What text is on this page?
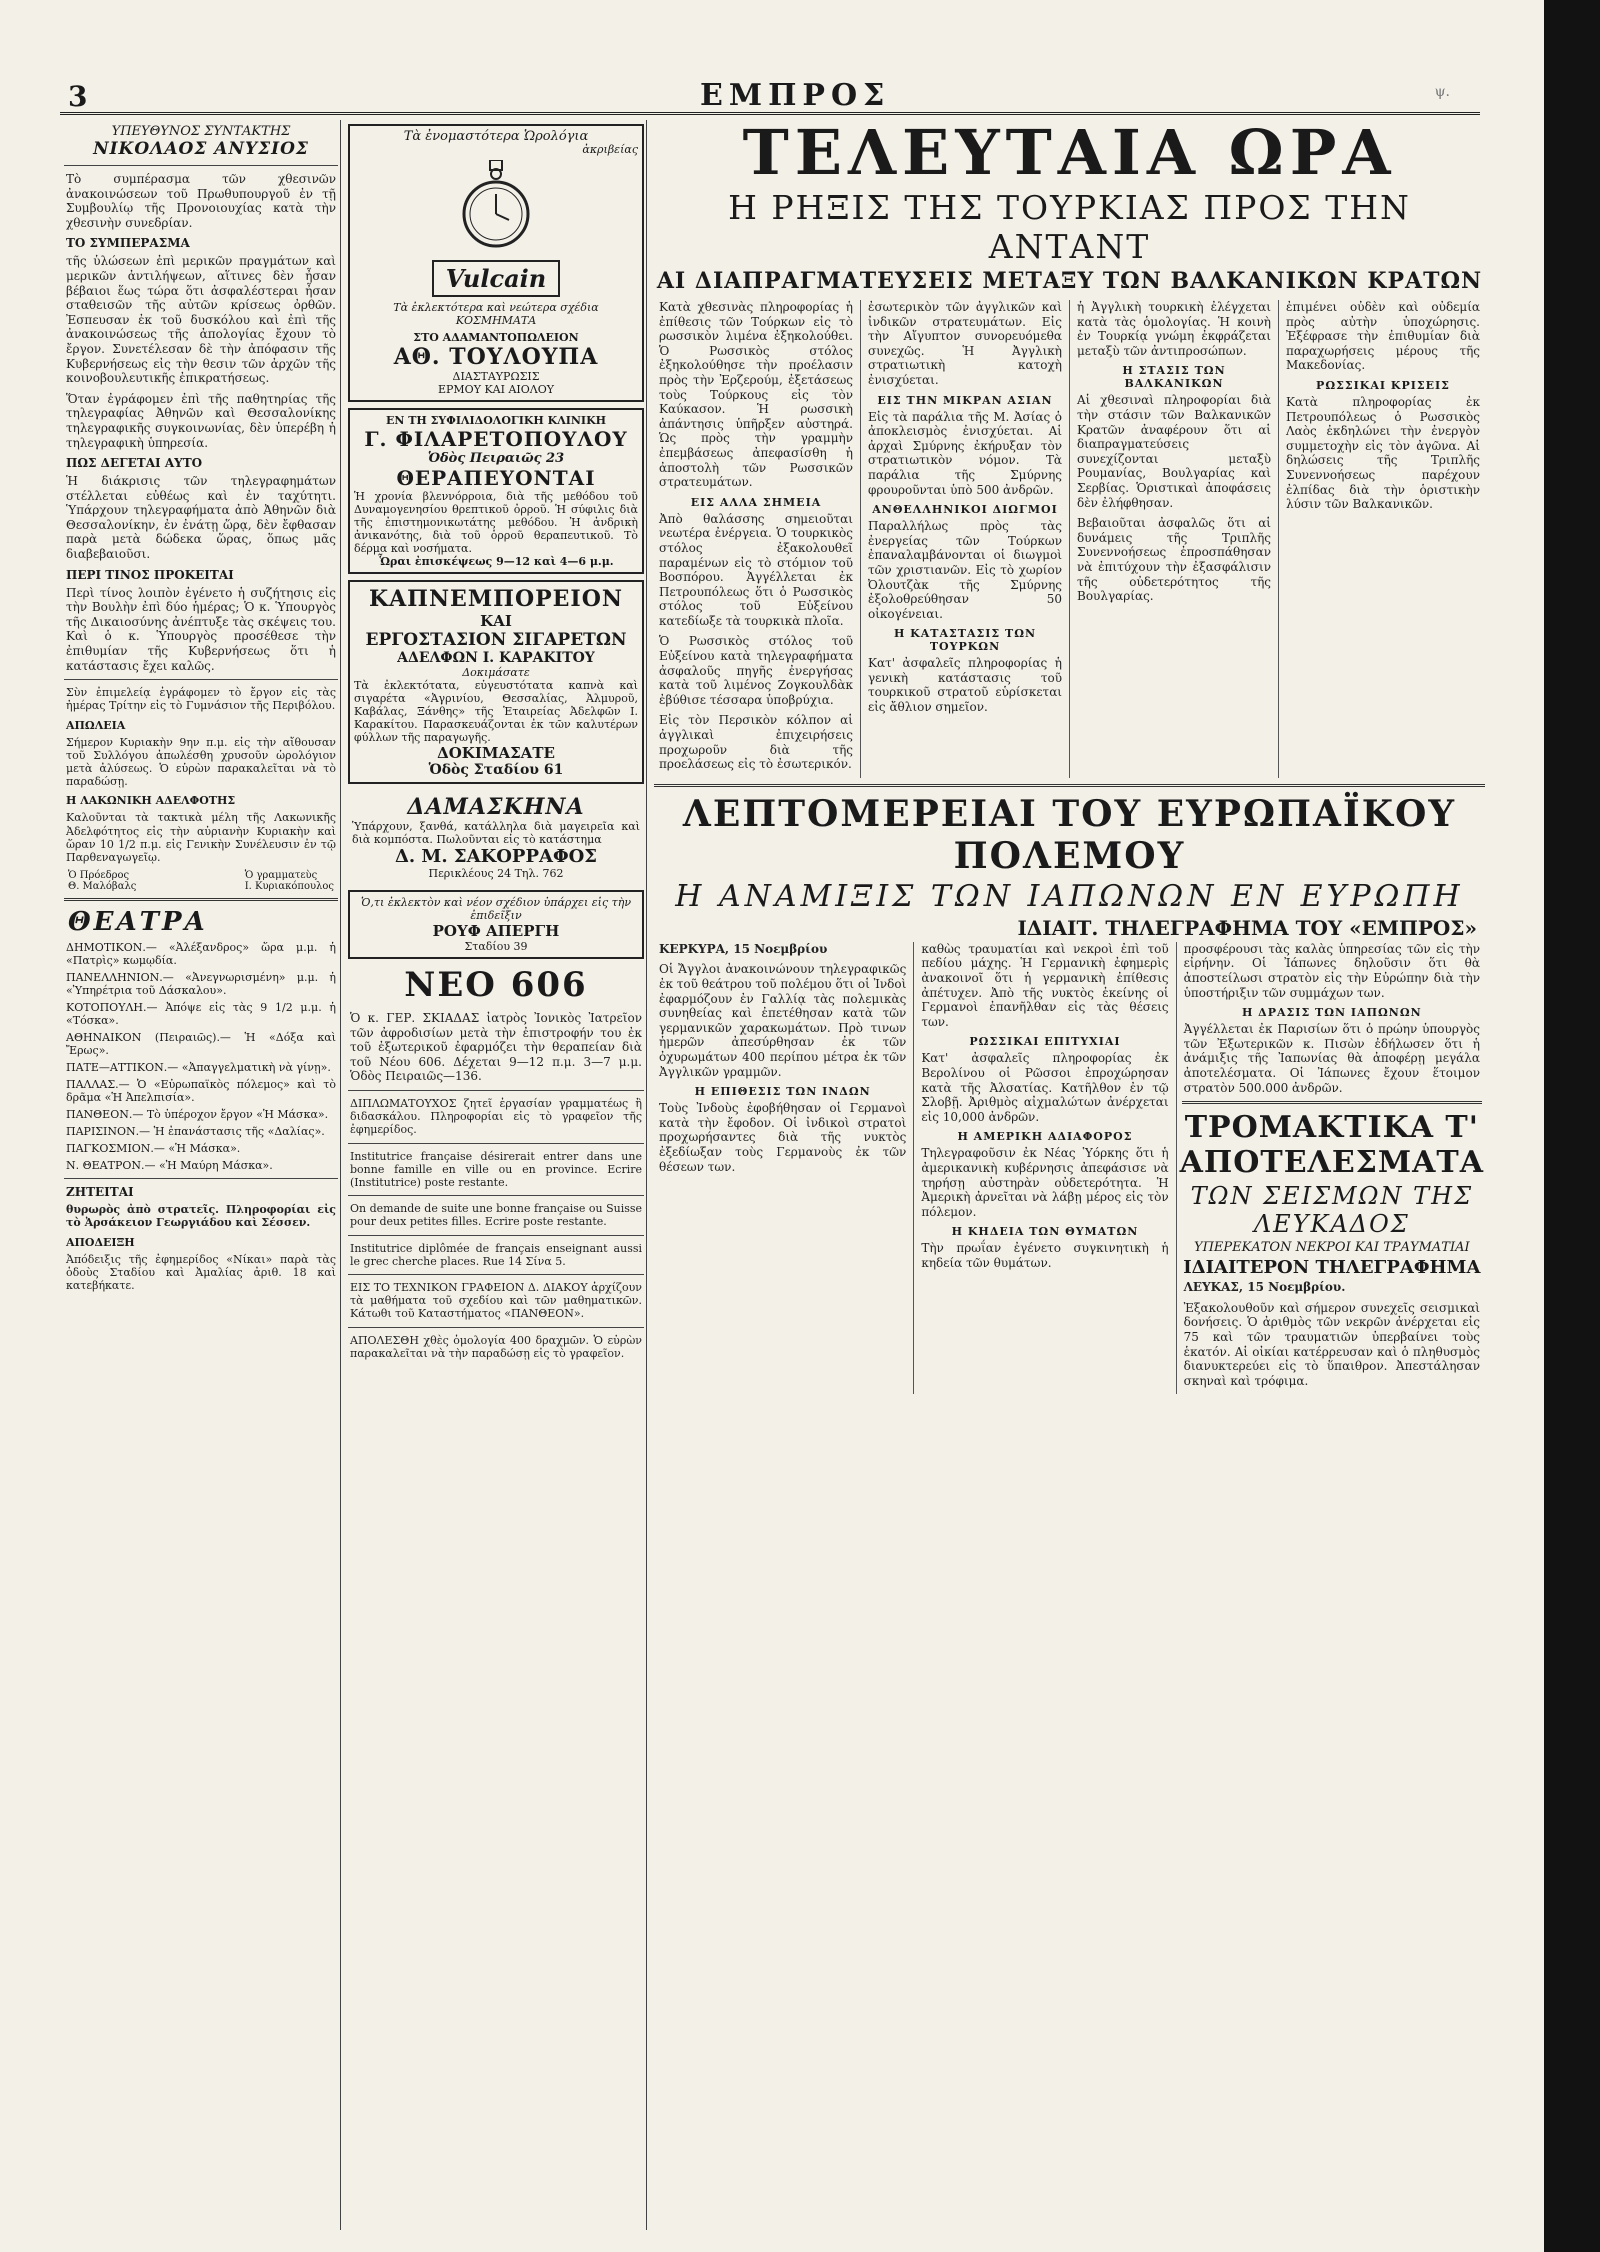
3	ΕΜΠΡΟΣ	ψ.
ΥΠΕΥΘΥΝΟΣ ΣΥΝΤΑΚΤΗΣ
ΝΙΚΟΛΑΟΣ ΑΝΥΣΙΟΣ

Τὸ συμπέρασμα τῶν χθεσινῶν ἀνακοινώσεων τοῦ Πρωθυπουργοῦ ἐν τῇ Συμβουλίῳ τῆς Προνοιουχίας κατὰ τὴν χθεσινὴν συνεδρίαν.

ΤΟ ΣΥΜΠΕΡΑΣΜΑ

τῆς ὑλώσεων ἐπὶ μερικῶν πραγμάτων καὶ μερικῶν ἀντιλήψεων, αἵτινες δὲν ἦσαν βέβαιοι ἕως τώρα ὅτι ἀσφαλέστεραι ἦσαν σταθεισῶν τῆς αὐτῶν κρίσεως ὀρθῶν. Ἐσπευσαν ἐκ τοῦ δυσκόλου καὶ ἐπὶ τῆς ἀνακοινώσεως τῆς ἀπολογίας ἔχουν τὸ ἔργον. Συνετέλεσαν δὲ τὴν ἀπόφασιν τῆς Κυβερνήσεως εἰς τὴν θεσιν τῶν ἀρχῶν τῆς κοινοβουλευτικῆς ἐπικρατήσεως.

Ὅταν ἐγράφομεν ἐπὶ τῆς παθητηρίας τῆς τηλεγραφίας Ἀθηνῶν καὶ Θεσσαλονίκης τηλεγραφικῆς συγκοινωνίας, δὲν ὑπερέβη ἡ τηλεγραφικὴ ὑπηρεσία.

ΠΩΣ ΔΕΓΕΤΑΙ ΑΥΤΟ

Ἡ διάκρισις τῶν τηλεγραφημάτων στέλλεται εὐθέως καὶ ἐν ταχύτητι. Ὑπάρχουν τηλεγραφήματα ἀπὸ Ἀθηνῶν διὰ Θεσσαλονίκην, ἐν ἐνάτῃ ὥρᾳ, δὲν ἔφθασαν παρὰ μετὰ δώδεκα ὥρας, ὅπως μᾶς διαβεβαιοῦσι.

ΠΕΡΙ ΤΙΝΟΣ ΠΡΟΚΕΙΤΑΙ

Περὶ τίνος λοιπὸν ἐγένετο ἡ συζήτησις εἰς τὴν Βουλὴν ἐπὶ δύο ἡμέρας; Ὁ κ. Ὑπουργὸς τῆς Δικαιοσύνης ἀνέπτυξε τὰς σκέψεις του. Καὶ ὁ κ. Ὑπουργὸς προσέθεσε τὴν ἐπιθυμίαν τῆς Κυβερνήσεως ὅτι ἡ κατάστασις ἔχει καλῶς.

Σὺν ἐπιμελείᾳ ἐγράφομεν τὸ ἔργον εἰς τὰς ἡμέρας Τρίτην εἰς τὸ Γυμνάσιον τῆς Περιβόλου.

ΑΠΩΛΕΙΑ

Σήμερον Κυριακὴν 9ην π.μ. εἰς τὴν αἴθουσαν τοῦ Συλλόγου ἀπωλέσθη χρυσοῦν ὡρολόγιον μετὰ ἀλύσεως. Ὁ εὑρὼν παρακαλεῖται νὰ τὸ παραδώσῃ.

Η ΛΑΚΩΝΙΚΗ ΑΔΕΛΦΟΤΗΣ

Καλοῦνται τὰ τακτικὰ μέλη τῆς Λακωνικῆς Ἀδελφότητος εἰς τὴν αὐριανὴν Κυριακὴν καὶ ὥραν 10 1/2 π.μ. εἰς Γενικὴν Συνέλευσιν ἐν τῷ Παρθεναγωγεῖῳ.

Ὁ Πρόεδρος
Θ. Μαλόβαλς
Ὁ γραμματεὺς
Ι. Κυριακόπουλος
ΘΕΑΤΡΑ

ΔΗΜΟΤΙΚΟΝ.— «Ἀλέξανδρος» ὥρα μ.μ. ἡ «Πατρὶς» κωμῳδία.

ΠΑΝΕΛΛΗΝΙΟΝ.— «Ἀνεγνωρισμένη» μ.μ. ἡ «Ὑπηρέτρια τοῦ Δάσκαλου».

ΚΟΤΟΠΟΥΛΗ.— Ἀπόψε εἰς τὰς 9 1/2 μ.μ. ἡ «Τόσκα».

ΑΘΗΝΑΙΚΟΝ (Πειραιῶς).— Ἡ «Δόξα καὶ Ἔρως».

ΠΑΤΕ—ΑΤΤΙΚΟΝ.— «Ἀπαγγελματικὴ νὰ γίνῃ».

ΠΑΛΛΑΣ.— Ὁ «Εὐρωπαϊκὸς πόλεμος» καὶ τὸ δρᾶμα «Ἡ Ἀπελπισία».

ΠΑΝΘΕΟΝ.— Τὸ ὑπέροχον ἔργον «Ἡ Μάσκα».

ΠΑΡΙΣΙΝΟΝ.— Ἡ ἐπανάστασις τῆς «Δαλίας».

ΠΑΓΚΟΣΜΙΟΝ.— «Ἡ Μάσκα».

Ν. ΘΕΑΤΡΟΝ.— «Ἡ Μαύρη Μάσκα».

ΖΗΤΕΙΤΑΙ

θυρωρὸς ἀπὸ στρατεῖς. Πληροφορίαι εἰς τὸ Ἀρσάκειον Γεωργιάδου καὶ Σέσσεν.

ΑΠΟΔΕΙΞΗ

Ἀπόδειξις τῆς ἐφημερίδος «Νίκαι» παρὰ τὰς ὁδοὺς Σταδίου καὶ Ἀμαλίας ἀριθ. 18 καὶ κατεβήκατε.

Τὰ ἐνομαστότερα Ὡρολόγια
ἀκριβείας
Vulcain
Τὰ ἐκλεκτότερα καὶ νεώτερα σχέδια ΚΟΣΜΗΜΑΤΑ
ΣΤΟ ΑΔΑΜΑΝΤΟΠΩΛΕΙΟΝ
ΑΘ. ΤΟΥΛΟΥΠΑ
ΔΙΑΣΤΑΥΡΩΣΙΣ
ΕΡΜΟΥ ΚΑΙ ΑΙΟΛΟΥ
ΕΝ ΤΗ ΣΥΦΙΛΙΔΟΛΟΓΙΚΗ ΚΛΙΝΙΚΗ
Γ. ΦΙΛΑΡΕΤΟΠΟΥΛΟΥ
Ὁδὸς Πειραιῶς 23
ΘΕΡΑΠΕΥΟΝΤΑΙ
Ἡ χρονία βλεννόρροια, διὰ τῆς μεθόδου τοῦ Δυναμογενησίου θρεπτικοῦ ὀρροῦ. Ἡ σύφιλις διὰ τῆς ἐπιστημονικωτάτης μεθόδου. Ἡ ἀνδρικὴ ἀνικανότης, διὰ τοῦ ὁρροῦ θεραπευτικοῦ. Τὸ δέρμα καὶ νοσήματα.
Ὧραι ἐπισκέψεως 9—12 καὶ 4—6 μ.μ.
ΚΑΠΝΕΜΠΟΡΕΙΟΝ
ΚΑΙ
ΕΡΓΟΣΤΑΣΙΟΝ ΣΙΓΑΡΕΤΩΝ
ΑΔΕΛΦΩΝ Ι. ΚΑΡΑΚΙΤΟΥ
Δοκιμάσατε
Τὰ ἐκλεκτότατα, εὐγευστότατα καπνὰ καὶ σιγαρέτα «Ἀγρινίου, Θεσσαλίας, Ἀλμυροῦ, Καβάλας, Ξάνθης» τῆς Ἑταιρείας Ἀδελφῶν Ι. Καρακίτου. Παρασκευάζονται ἐκ τῶν καλυτέρων φύλλων τῆς παραγωγῆς.
ΔΟΚΙΜΑΣΑΤΕ
Ὁδὸς Σταδίου 61
ΔΑΜΑΣΚΗΝΑ
Ὑπάρχουν, ξανθά, κατάλληλα διὰ μαγειρεῖα καὶ διὰ κομπόστα. Πωλοῦνται εἰς τὸ κατάστημα
Δ. Μ. ΣΑΚΟΡΡΑΦΟΣ
Περικλέους 24 Τηλ. 762
Ὁ,τι ἐκλεκτὸν καὶ νέον σχέδιον ὑπάρχει εἰς τὴν ἐπιδεῖξιν
ΡΟΥΦ ΑΠΕΡΓΗ
Σταδίου 39
ΝΕΟ 606

Ὁ κ. ΓΕΡ. ΣΚΙΑΔΑΣ ἰατρὸς Ἰονικὸς Ἰατρεῖον τῶν ἀφροδισίων μετὰ τὴν ἐπιστροφήν του ἐκ τοῦ ἐξωτερικοῦ ἐφαρμόζει τὴν θεραπείαν διὰ τοῦ Νέου 606. Δέχεται 9—12 π.μ. 3—7 μ.μ. Ὁδὸς Πειραιῶς—136.

ΔΙΠΛΩΜΑΤΟΥΧΟΣ ζητεῖ ἐργασίαν γραμματέως ἢ διδασκάλου. Πληροφορίαι εἰς τὸ γραφεῖον τῆς ἐφημερίδος.

Institutrice française désirerait entrer dans une bonne famille en ville ou en province. Ecrire (Institutrice) poste restante.

On demande de suite une bonne française ou Suisse pour deux petites filles. Ecrire poste restante.

Institutrice diplômée de français enseignant aussi le grec cherche places. Rue 14 Σίνα 5.

ΕΙΣ ΤΟ ΤΕΧΝΙΚΟΝ ΓΡΑΦΕΙΟΝ Δ. ΔΙΑΚΟΥ ἀρχίζουν τὰ μαθήματα τοῦ σχεδίου καὶ τῶν μαθηματικῶν. Κάτωθι τοῦ Καταστήματος «ΠΑΝΘΕΟΝ».

ΑΠΟΛΕΣΘΗ χθὲς ὁμολογία 400 δραχμῶν. Ὁ εὑρὼν παρακαλεῖται νὰ τὴν παραδώσῃ εἰς τὸ γραφεῖον.

ΤΕΛΕΥΤΑΙΑ ΩΡΑ
Η ΡΗΞΙΣ ΤΗΣ ΤΟΥΡΚΙΑΣ ΠΡΟΣ ΤΗΝ ΑΝΤΑΝΤ
ΑΙ ΔΙΑΠΡΑΓΜΑΤΕΥΣΕΙΣ ΜΕΤΑΞΥ ΤΩΝ ΒΑΛΚΑΝΙΚΩΝ ΚΡΑΤΩΝ

Κατὰ χθεσινὰς πληροφορίας ἡ ἐπίθεσις τῶν Τούρκων εἰς τὸ ρωσσικὸν λιμένα ἐξηκολούθει. Ὁ Ρωσσικὸς στόλος ἐξηκολούθησε τὴν προέλασιν πρὸς τὴν Ἐρζερούμ, ἐξετάσεως τοὺς Τούρκους εἰς τὸν Καύκασον. Ἡ ρωσσικὴ ἀπάντησις ὑπῆρξεν αὐστηρά. Ὡς πρὸς τὴν γραμμὴν ἐπεμβάσεως ἀπεφασίσθη ἡ ἀποστολὴ τῶν Ρωσσικῶν στρατευμάτων.

ΕΙΣ ΑΛΛΑ ΣΗΜΕΙΑ

Ἀπὸ θαλάσσης σημειοῦται νεωτέρα ἐνέργεια. Ὁ τουρκικὸς στόλος ἐξακολουθεῖ παραμένων εἰς τὸ στόμιον τοῦ Βοσπόρου. Ἀγγέλλεται ἐκ Πετρουπόλεως ὅτι ὁ Ρωσσικὸς στόλος τοῦ Εὐξείνου κατεδίωξε τὰ τουρκικὰ πλοῖα.

Ὁ Ρωσσικὸς στόλος τοῦ Εὐξείνου κατὰ τηλεγραφήματα ἀσφαλοῦς πηγῆς ἐνεργήσας κατὰ τοῦ λιμένος Ζογκουλδὰκ ἐβύθισε τέσσαρα ὑποβρύχια.

Εἰς τὸν Περσικὸν κόλπον αἱ ἀγγλικαὶ ἐπιχειρήσεις προχωροῦν διὰ τῆς προελάσεως εἰς τὸ ἐσωτερικόν.

ἐσωτερικὸν τῶν ἀγγλικῶν καὶ ἰνδικῶν στρατευμάτων. Εἰς τὴν Αἴγυπτον συνορευόμεθα συνεχῶς. Ἡ Ἀγγλικὴ στρατιωτικὴ κατοχὴ ἐνισχύεται.

ΕΙΣ ΤΗΝ ΜΙΚΡΑΝ ΑΣΙΑΝ

Εἰς τὰ παράλια τῆς Μ. Ἀσίας ὁ ἀποκλεισμὸς ἐνισχύεται. Αἱ ἀρχαὶ Σμύρνης ἐκήρυξαν τὸν στρατιωτικὸν νόμον. Τὰ παράλια τῆς Σμύρνης φρουροῦνται ὑπὸ 500 ἀνδρῶν.

ΑΝΘΕΛΛΗΝΙΚΟΙ ΔΙΩΓΜΟΙ

Παραλλήλως πρὸς τὰς ἐνεργείας τῶν Τούρκων ἐπαναλαμβάνονται οἱ διωγμοὶ τῶν χριστιανῶν. Εἰς τὸ χωρίον Ὀλουτζὰκ τῆς Σμύρνης ἐξολοθρεύθησαν 50 οἰκογένειαι.

Η ΚΑΤΑΣΤΑΣΙΣ ΤΩΝ ΤΟΥΡΚΩΝ

Κατ' ἀσφαλεῖς πληροφορίας ἡ γενικὴ κατάστασις τοῦ τουρκικοῦ στρατοῦ εὑρίσκεται εἰς ἄθλιον σημεῖον.

ἡ Ἀγγλικὴ τουρκικὴ ἐλέγχεται κατὰ τὰς ὁμολογίας. Ἡ κοινὴ ἐν Τουρκίᾳ γνώμη ἐκφράζεται μεταξὺ τῶν ἀντιπροσώπων.

Η ΣΤΑΣΙΣ ΤΩΝ ΒΑΛΚΑΝΙΚΩΝ

Αἱ χθεσιναὶ πληροφορίαι διὰ τὴν στάσιν τῶν Βαλκανικῶν Κρατῶν ἀναφέρουν ὅτι αἱ διαπραγματεύσεις συνεχίζονται μεταξὺ Ρουμανίας, Βουλγαρίας καὶ Σερβίας. Ὁριστικαὶ ἀποφάσεις δὲν ἐλήφθησαν.

Βεβαιοῦται ἀσφαλῶς ὅτι αἱ δυνάμεις τῆς Τριπλῆς Συνεννοήσεως ἐπροσπάθησαν νὰ ἐπιτύχουν τὴν ἐξασφάλισιν τῆς οὐδετερότητος τῆς Βουλγαρίας.

ἐπιμένει οὐδὲν καὶ οὐδεμία πρὸς αὐτὴν ὑποχώρησις. Ἐξέφρασε τὴν ἐπιθυμίαν διὰ παραχωρήσεις μέρους τῆς Μακεδονίας.

ΡΩΣΣΙΚΑΙ ΚΡΙΣΕΙΣ

Κατὰ πληροφορίας ἐκ Πετρουπόλεως ὁ Ρωσσικὸς Λαὸς ἐκδηλώνει τὴν ἐνεργὸν συμμετοχὴν εἰς τὸν ἀγῶνα. Αἱ δηλώσεις τῆς Τριπλῆς Συνεννοήσεως παρέχουν ἐλπίδας διὰ τὴν ὁριστικὴν λύσιν τῶν Βαλκανικῶν.

ΛΕΠΤΟΜΕΡΕΙΑΙ ΤΟΥ ΕΥΡΩΠΑΪΚΟΥ ΠΟΛΕΜΟΥ
Η ΑΝΑΜΙΞΙΣ ΤΩΝ ΙΑΠΩΝΩΝ ΕΝ ΕΥΡΩΠΗ
ΙΔΙΑΙΤ. ΤΗΛΕΓΡΑΦΗΜΑ ΤΟΥ «ΕΜΠΡΟΣ»

ΚΕΡΚΥΡΑ, 15 Νοεμβρίου

Οἱ Ἄγγλοι ἀνακοινώνουν τηλεγραφικῶς ἐκ τοῦ θεάτρου τοῦ πολέμου ὅτι οἱ Ἰνδοὶ ἐφαρμόζουν ἐν Γαλλίᾳ τὰς πολεμικὰς συνηθείας καὶ ἐπετέθησαν κατὰ τῶν γερμανικῶν χαρακωμάτων. Πρὸ τινων ἡμερῶν ἀπεσύρθησαν ἐκ τῶν ὀχυρωμάτων 400 περίπου μέτρα ἐκ τῶν Ἀγγλικῶν γραμμῶν.

Η ΕΠΙΘΕΣΙΣ ΤΩΝ ΙΝΔΩΝ

Τοὺς Ἰνδοὺς ἐφοβήθησαν οἱ Γερμανοὶ κατὰ τὴν ἔφοδον. Οἱ ἰνδικοὶ στρατοὶ προχωρήσαντες διὰ τῆς νυκτὸς ἐξεδίωξαν τοὺς Γερμανοὺς ἐκ τῶν θέσεων των.

καθὼς τραυματίαι καὶ νεκροὶ ἐπὶ τοῦ πεδίου μάχης. Ἡ Γερμανικὴ ἐφημερὶς ἀνακοινοῖ ὅτι ἡ γερμανικὴ ἐπίθεσις ἀπέτυχεν. Ἀπὸ τῆς νυκτὸς ἐκείνης οἱ Γερμανοὶ ἐπανῆλθαν εἰς τὰς θέσεις των.

ΡΩΣΣΙΚΑΙ ΕΠΙΤΥΧΙΑΙ

Κατ' ἀσφαλεῖς πληροφορίας ἐκ Βερολίνου οἱ Ρῶσσοι ἐπροχώρησαν κατὰ τῆς Ἀλσατίας. Κατῆλθον ἐν τῷ Σλοβῇ. Ἀριθμὸς αἰχμαλώτων ἀνέρχεται εἰς 10,000 ἀνδρῶν.

Η ΑΜΕΡΙΚΗ ΑΔΙΑΦΟΡΟΣ

Τηλεγραφοῦσιν ἐκ Νέας Ὑόρκης ὅτι ἡ ἀμερικανικὴ κυβέρνησις ἀπεφάσισε νὰ τηρήσῃ αὐστηρὰν οὐδετερότητα. Ἡ Ἀμερικὴ ἀρνεῖται νὰ λάβῃ μέρος εἰς τὸν πόλεμον.

Η ΚΗΔΕΙΑ ΤΩΝ ΘΥΜΑΤΩΝ

Τὴν πρωΐαν ἐγένετο συγκινητικὴ ἡ κηδεία τῶν θυμάτων.

προσφέρουσι τὰς καλὰς ὑπηρεσίας τῶν εἰς τὴν εἰρήνην. Οἱ Ἰάπωνες δηλοῦσιν ὅτι θὰ ἀποστείλωσι στρατὸν εἰς τὴν Εὐρώπην διὰ τὴν ὑποστήριξιν τῶν συμμάχων των.

Η ΔΡΑΣΙΣ ΤΩΝ ΙΑΠΩΝΩΝ

Ἀγγέλλεται ἐκ Παρισίων ὅτι ὁ πρώην ὑπουργὸς τῶν Ἐξωτερικῶν κ. Πισὼν ἐδήλωσεν ὅτι ἡ ἀνάμιξις τῆς Ἰαπωνίας θὰ ἀποφέρῃ μεγάλα ἀποτελέσματα. Οἱ Ἰάπωνες ἔχουν ἕτοιμον στρατὸν 500.000 ἀνδρῶν.

ΤΡΟΜΑΚΤΙΚΑ Τ' ΑΠΟΤΕΛΕΣΜΑΤΑ
ΤΩΝ ΣΕΙΣΜΩΝ ΤΗΣ ΛΕΥΚΑΔΟΣ
ΥΠΕΡΕΚΑΤΟΝ ΝΕΚΡΟΙ ΚΑΙ ΤΡΑΥΜΑΤΙΑΙ
ΙΔΙΑΙΤΕΡΟΝ ΤΗΛΕΓΡΑΦΗΜΑ

ΛΕΥΚΑΣ, 15 Νοεμβρίου.

Ἐξακολουθοῦν καὶ σήμερον συνεχεῖς σεισμικαὶ δονήσεις. Ὁ ἀριθμὸς τῶν νεκρῶν ἀνέρχεται εἰς 75 καὶ τῶν τραυματιῶν ὑπερβαίνει τοὺς ἑκατόν. Αἱ οἰκίαι κατέρρευσαν καὶ ὁ πληθυσμὸς διανυκτερεύει εἰς τὸ ὕπαιθρον. Ἀπεστάλησαν σκηναὶ καὶ τρόφιμα.
